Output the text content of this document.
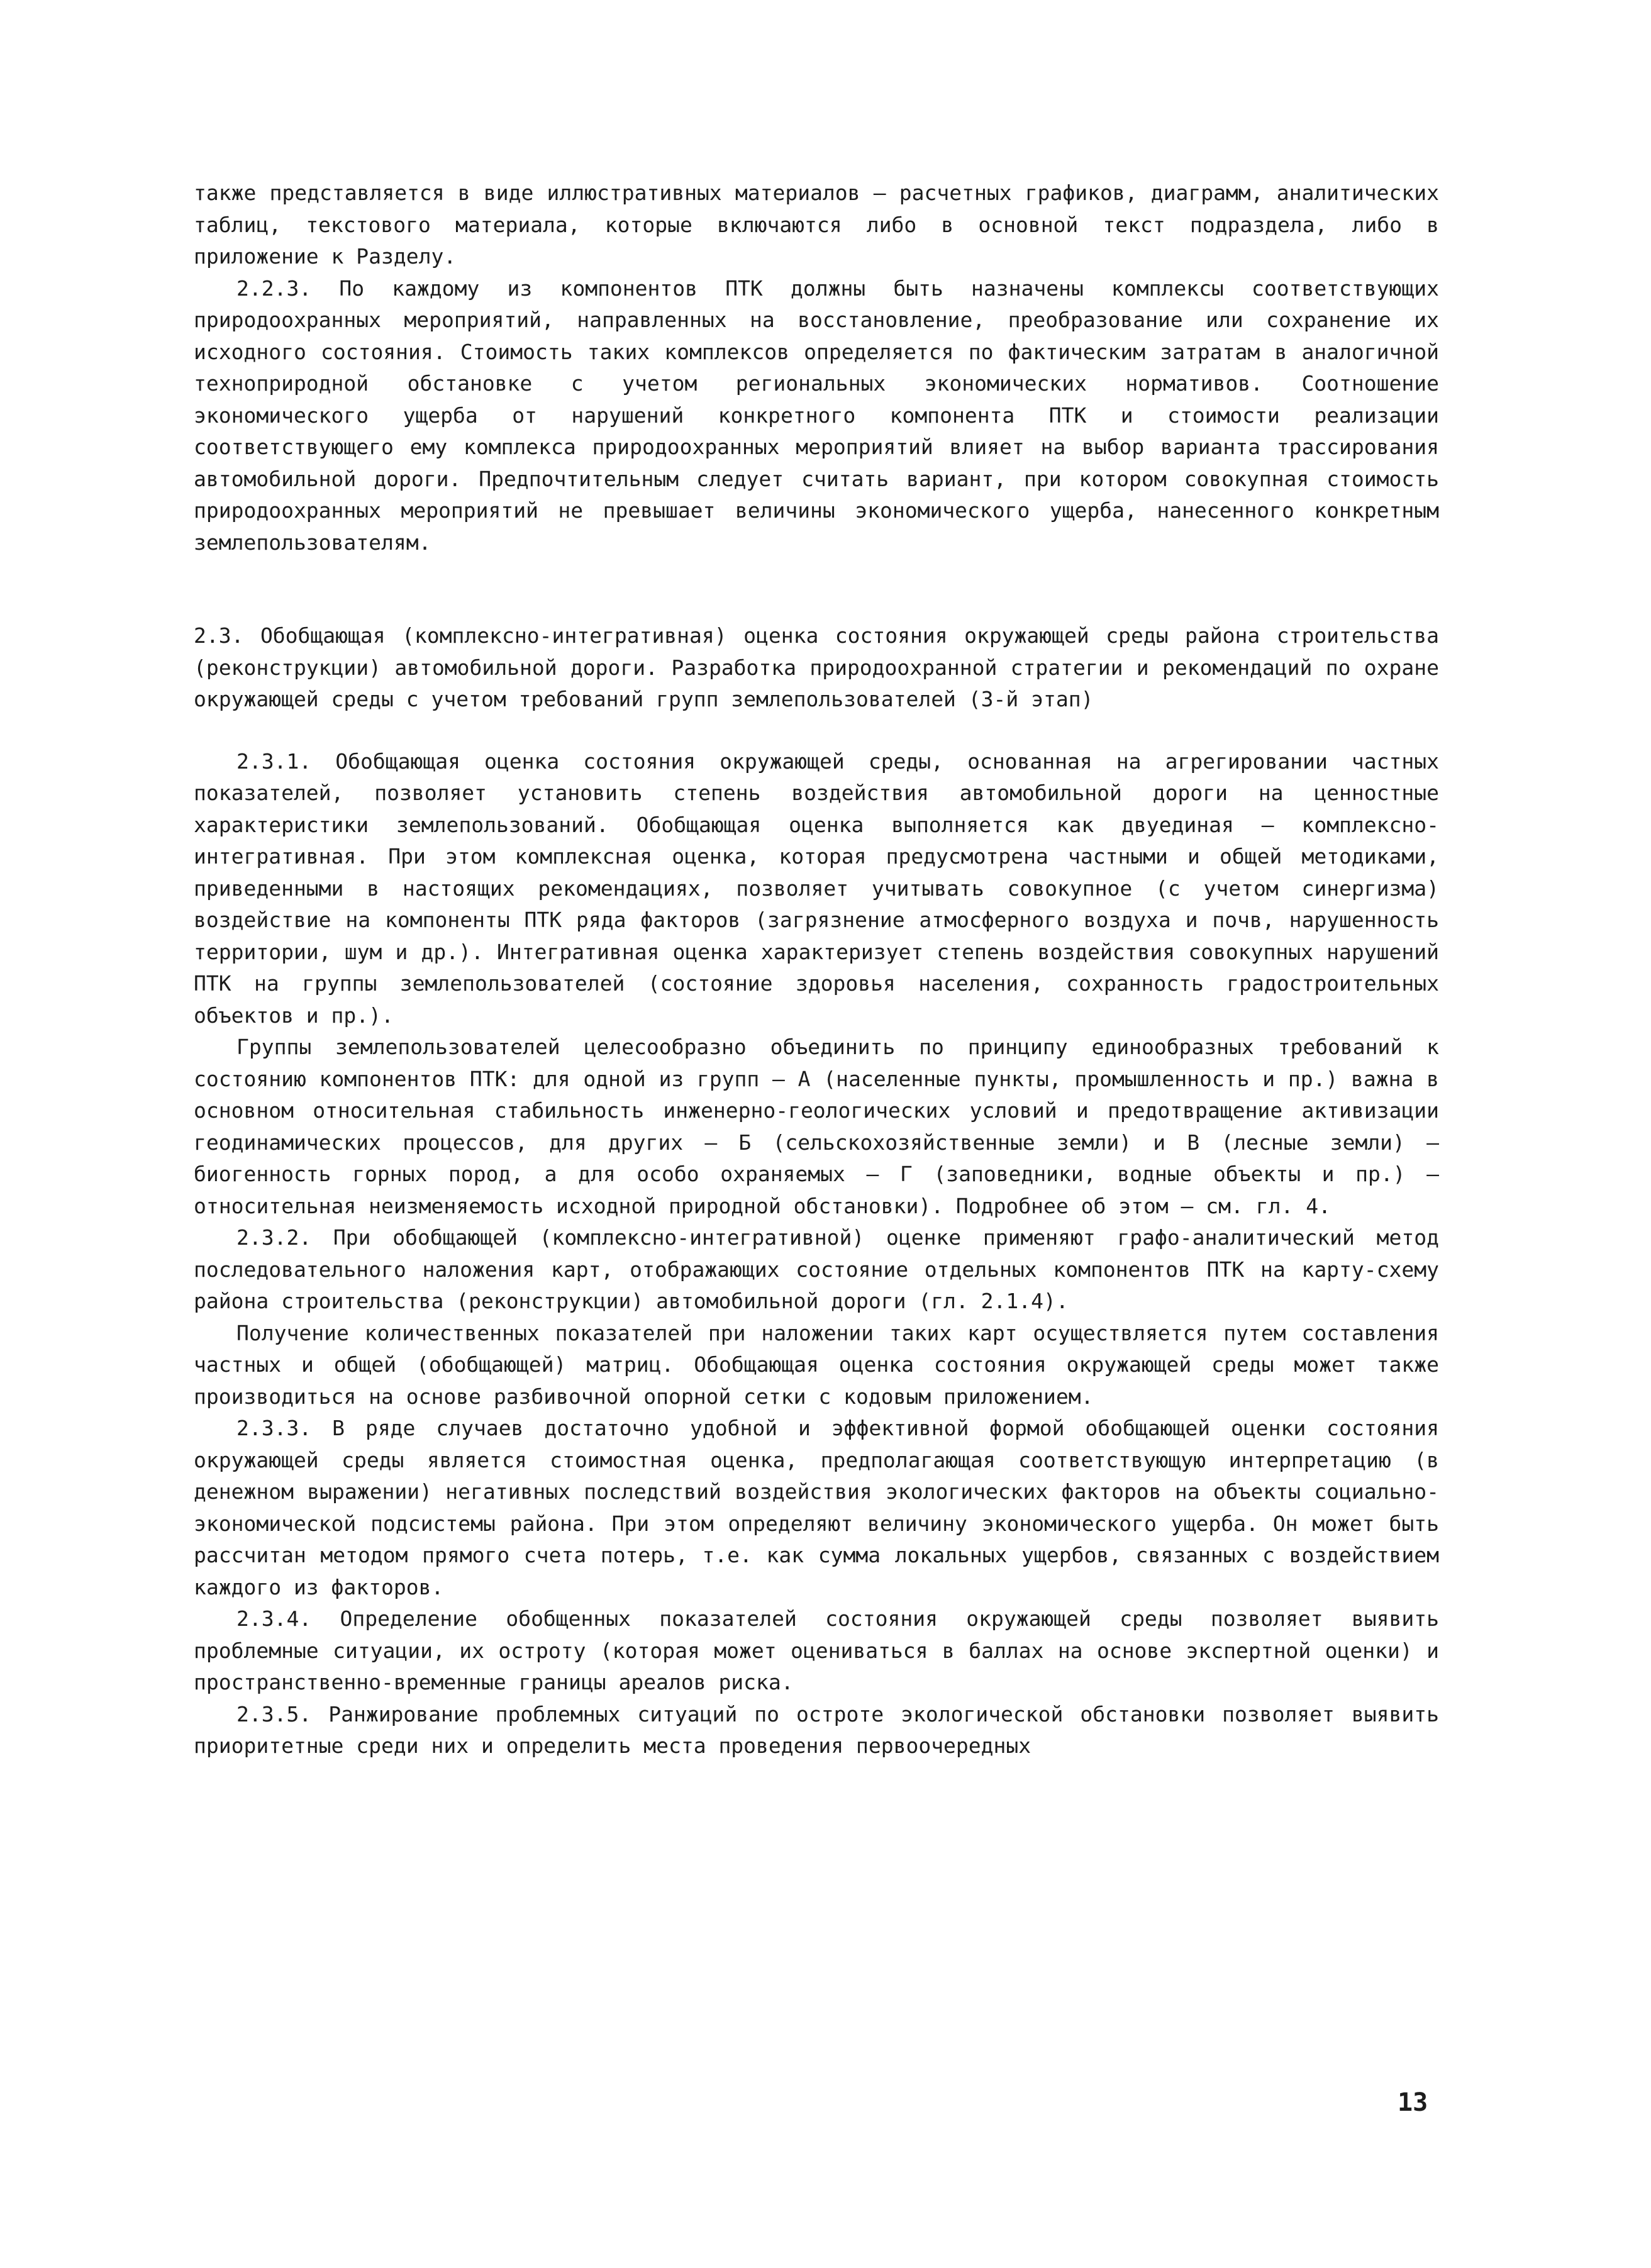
также представляется в виде иллюстративных материалов – расчетных графиков, диаграмм, аналитических таблиц, текстового материала, которые включаются либо в основной текст подраздела, либо в приложение к Разделу.

2.2.3. По каждому из компонентов ПТК должны быть назначены комплексы соответствующих природоохранных мероприятий, направленных на восстановление, преобразование или сохранение их исходного состояния. Стоимость таких комплексов определяется по фактическим затратам в аналогичной технoприродной обстановке с учетом региональных экономических нормативов. Соотношение экономического ущерба от нарушений конкретного компонента ПТК и стоимости реализации соответствующего ему комплекса природоохранных мероприятий влияет на выбор варианта трассирования автомобильной дороги. Предпочтительным следует считать вариант, при котором совокупная стоимость природоохранных мероприятий не превышает величины экономического ущерба, нанесенного конкретным землепользователям.

2.3. Обобщающая (комплексно-интегративная) оценка состояния окружающей среды района строительства (реконструкции) автомобильной дороги. Разработка природоохранной стратегии и рекомендаций по охране окружающей среды с учетом требований групп землепользователей (3-й этап)

2.3.1. Обобщающая оценка состояния окружающей среды, основанная на агрегировании частных показателей, позволяет установить степень воздействия автомобильной дороги на ценностные характеристики землепользований. Обобщающая оценка выполняется как двуединая – комплексно-интегративная. При этом комплексная оценка, которая предусмотрена частными и общей методиками, приведенными в настоящих рекомендациях, позволяет учитывать совокупное (с учетом синергизма) воздействие на компоненты ПТК ряда факторов (загрязнение атмосферного воздуха и почв, нарушенность территории, шум и др.). Интегративная оценка характеризует степень воздействия совокупных нарушений ПТК на группы землепользователей (состояние здоровья населения, сохранность градостроительных объектов и пр.).

Группы землепользователей целесообразно объединить по принципу единообразных требований к состоянию компонентов ПТК: для одной из групп – А (населенные пункты, промышленность и пр.) важна в основном относительная стабильность инженерно-геологических условий и предотвращение активизации геодинамических процессов, для других – Б (сельскохозяйственные земли) и В (лесные земли) – биогенность горных пород, а для особо охраняемых – Г (заповедники, водные объекты и пр.) – относительная неизменяемость исходной природной обстановки). Подробнее об этом – см. гл. 4.

2.3.2. При обобщающей (комплексно-интегративной) оценке применяют графо-аналитический метод последовательного наложения карт, отображающих состояние отдельных компонентов ПТК на карту-схему района строительства (реконструкции) автомобильной дороги (гл. 2.1.4).

Получение количественных показателей при наложении таких карт осуществляется путем составления частных и общей (обобщающей) матриц. Обобщающая оценка состояния окружающей среды может также производиться на основе разбивочной опорной сетки с кодовым приложением.

2.3.3. В ряде случаев достаточно удобной и эффективной формой обобщающей оценки состояния окружающей среды является стоимостная оценка, предполагающая соответствующую интерпретацию (в денежном выражении) негативных последствий воздействия экологических факторов на объекты социально-экономической подсистемы района. При этом определяют величину экономического ущерба. Он может быть рассчитан методом прямого счета потерь, т.е. как сумма локальных ущербов, связанных с воздействием каждого из факторов.

2.3.4. Определение обобщенных показателей состояния окружающей среды позволяет выявить проблемные ситуации, их остроту (которая может оцениваться в баллах на основе экспертной оценки) и пространственно-временные границы ареалов риска.

2.3.5. Ранжирование проблемных ситуаций по остроте экологической обстановки позволяет выявить приоритетные среди них и определить места проведения первоочередных

13
